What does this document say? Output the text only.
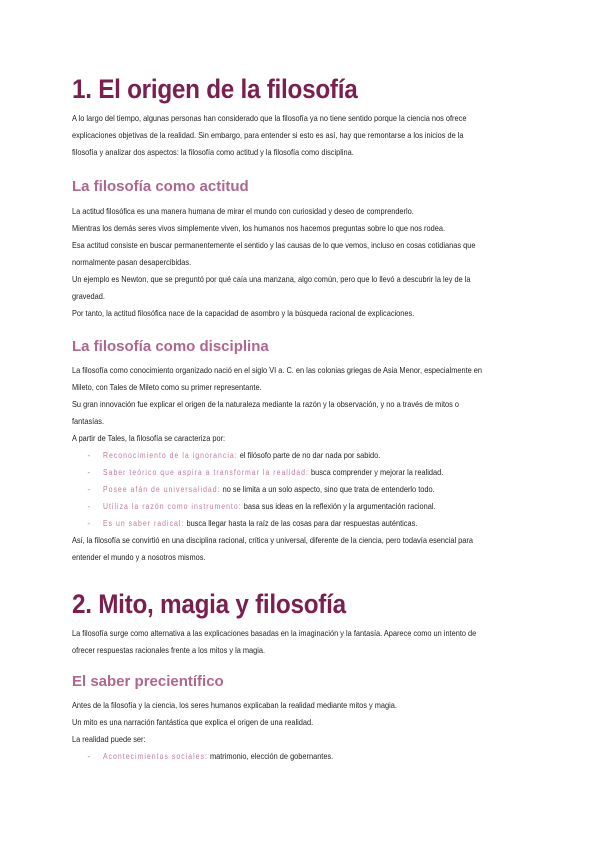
1. El origen de la filosofía

A lo largo del tiempo, algunas personas han considerado que la filosofía ya no tiene sentido porque la ciencia nos ofrece

explicaciones objetivas de la realidad. Sin embargo, para entender si esto es así, hay que remontarse a los inicios de la

filosofía y analizar dos aspectos: la filosofía como actitud y la filosofía como disciplina.

La filosofía como actitud

La actitud filosófica es una manera humana de mirar el mundo con curiosidad y deseo de comprenderlo.

Mientras los demás seres vivos simplemente viven, los humanos nos hacemos preguntas sobre lo que nos rodea.

Esa actitud consiste en buscar permanentemente el sentido y las causas de lo que vemos, incluso en cosas cotidianas que

normalmente pasan desapercibidas.

Un ejemplo es Newton, que se preguntó por qué caía una manzana, algo común, pero que lo llevó a descubrir la ley de la

gravedad.

Por tanto, la actitud filosófica nace de la capacidad de asombro y la búsqueda racional de explicaciones.

La filosofía como disciplina

La filosofía como conocimiento organizado nació en el siglo VI a. C. en las colonias griegas de Asia Menor, especialmente en

Mileto, con Tales de Mileto como su primer representante.

Su gran innovación fue explicar el origen de la naturaleza mediante la razón y la observación, y no a través de mitos o

fantasías.

A partir de Tales, la filosofía se caracteriza por:

- Reconocimiento de la ignorancia: el filósofo parte de no dar nada por sabido.
- Saber teórico que aspira a transformar la realidad: busca comprender y mejorar la realidad.
- Posee afán de universalidad: no se limita a un solo aspecto, sino que trata de entenderlo todo.
- Utiliza la razón como instrumento: basa sus ideas en la reflexión y la argumentación racional.
- Es un saber radical: busca llegar hasta la raíz de las cosas para dar respuestas auténticas.

Así, la filosofía se convirtió en una disciplina racional, crítica y universal, diferente de la ciencia, pero todavía esencial para

entender el mundo y a nosotros mismos.

2. Mito, magia y filosofía

La filosofía surge como alternativa a las explicaciones basadas en la imaginación y la fantasía. Aparece como un intento de

ofrecer respuestas racionales frente a los mitos y la magia.

El saber precientífico

Antes de la filosofía y la ciencia, los seres humanos explicaban la realidad mediante mitos y magia.

Un mito es una narración fantástica que explica el origen de una realidad.

La realidad puede ser:

- Acontecimientos sociales: matrimonio, elección de gobernantes.
